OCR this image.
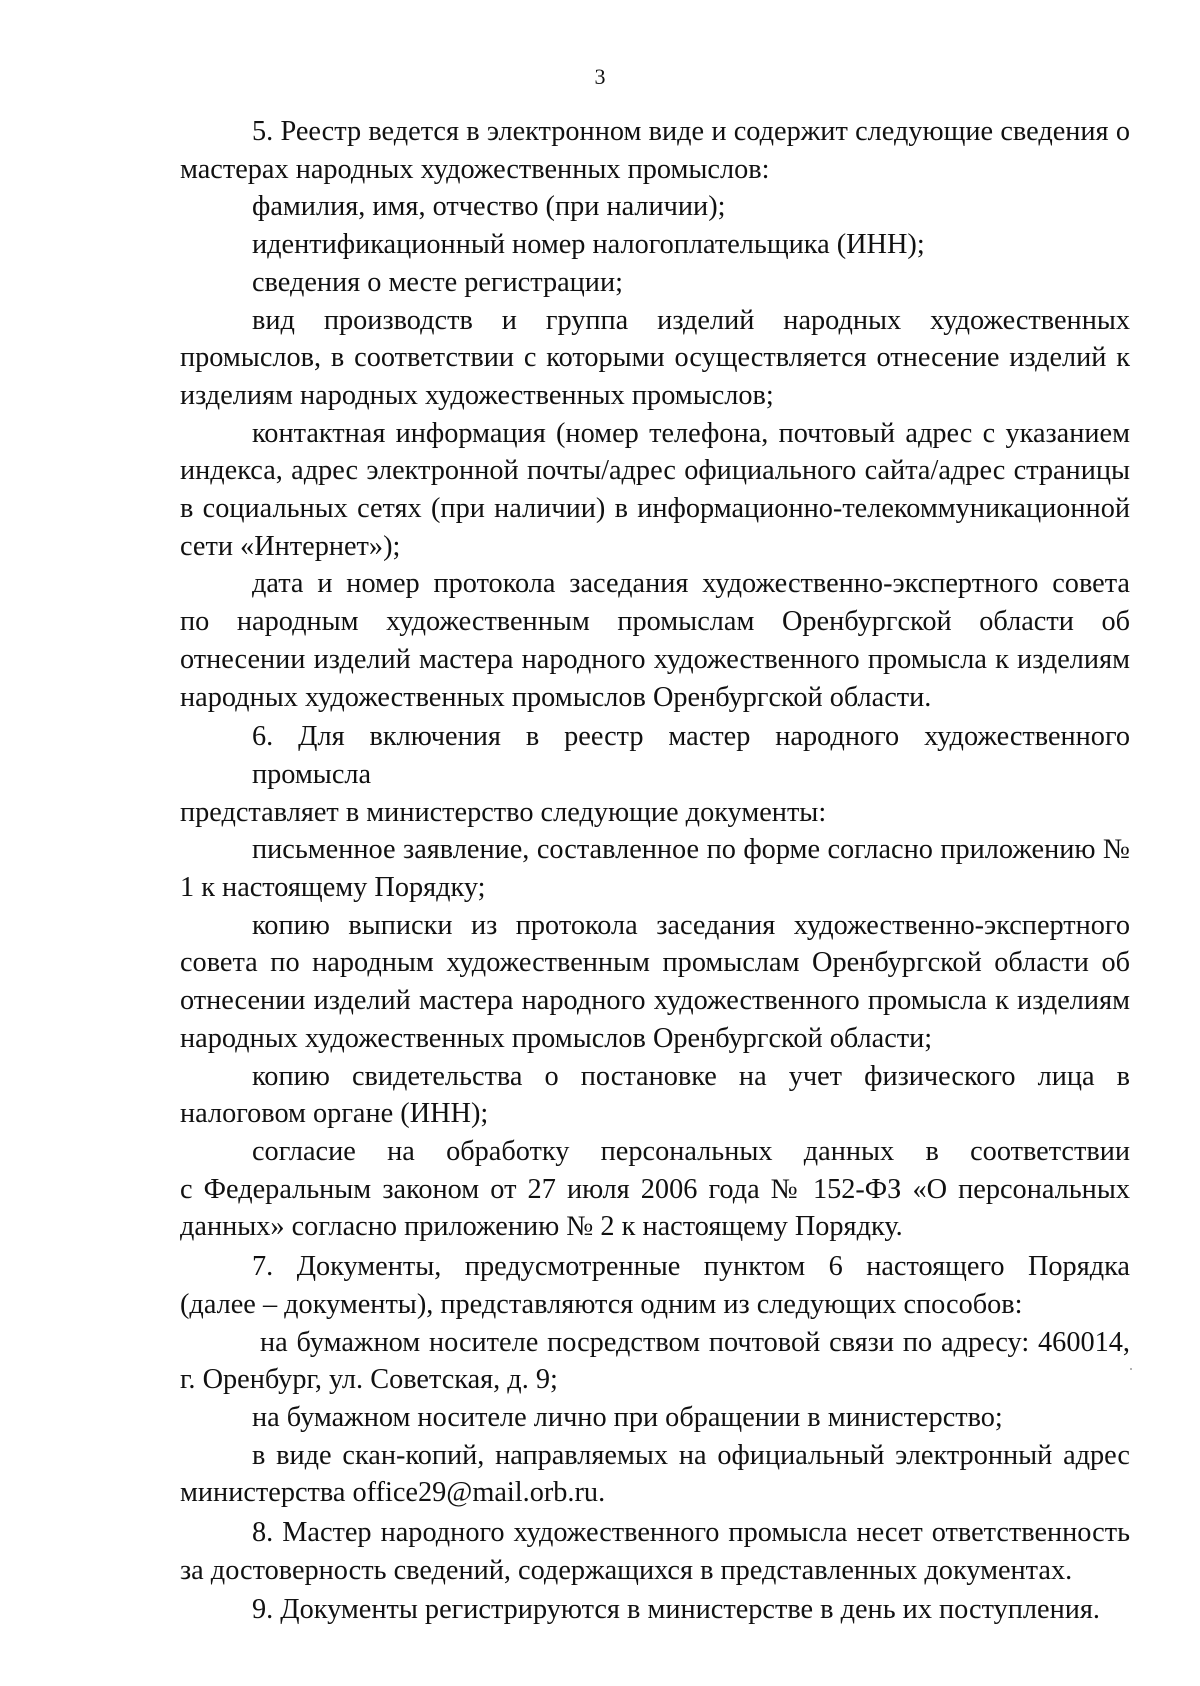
3
5. Реестр ведется в электронном виде и содержит следующие сведения о
мастерах народных художественных промыслов:
фамилия, имя, отчество (при наличии);
идентификационный номер налогоплательщика (ИНН);
сведения о месте регистрации;
вид производств и группа изделий народных художественных
промыслов, в соответствии с которыми осуществляется отнесение изделий к
изделиям народных художественных промыслов;
контактная информация (номер телефона, почтовый адрес с указанием
индекса, адрес электронной почты/адрес официального сайта/адрес страницы
в социальных сетях (при наличии) в информационно-телекоммуникационной
сети «Интернет»);
дата и номер протокола заседания художественно-экспертного совета
по народным художественным промыслам Оренбургской области об
отнесении изделий мастера народного художественного промысла к изделиям
народных художественных промыслов Оренбургской области.
6. Для включения в реестр мастер народного художественного промысла
представляет в министерство следующие документы:
письменное заявление, составленное по форме согласно приложению №
1 к настоящему Порядку;
копию выписки из протокола заседания художественно-экспертного
совета по народным художественным промыслам Оренбургской области об
отнесении изделий мастера народного художественного промысла к изделиям
народных художественных промыслов Оренбургской области;
копию свидетельства о постановке на учет физического лица в
налоговом органе (ИНН);
согласие на обработку персональных данных в соответствии
с Федеральным законом от 27 июля 2006 года № 152-ФЗ «О персональных
данных» согласно приложению № 2 к настоящему Порядку.
7. Документы, предусмотренные пунктом 6 настоящего Порядка
(далее – документы), представляются одним из следующих способов:
на бумажном носителе посредством почтовой связи по адресу: 460014,
г. Оренбург, ул. Советская, д. 9;
на бумажном носителе лично при обращении в министерство;
в виде скан-копий, направляемых на официальный электронный адрес
министерства office29@mail.orb.ru.
8. Мастер народного художественного промысла несет ответственность
за достоверность сведений, содержащихся в представленных документах.
9. Документы регистрируются в министерстве в день их поступления.
